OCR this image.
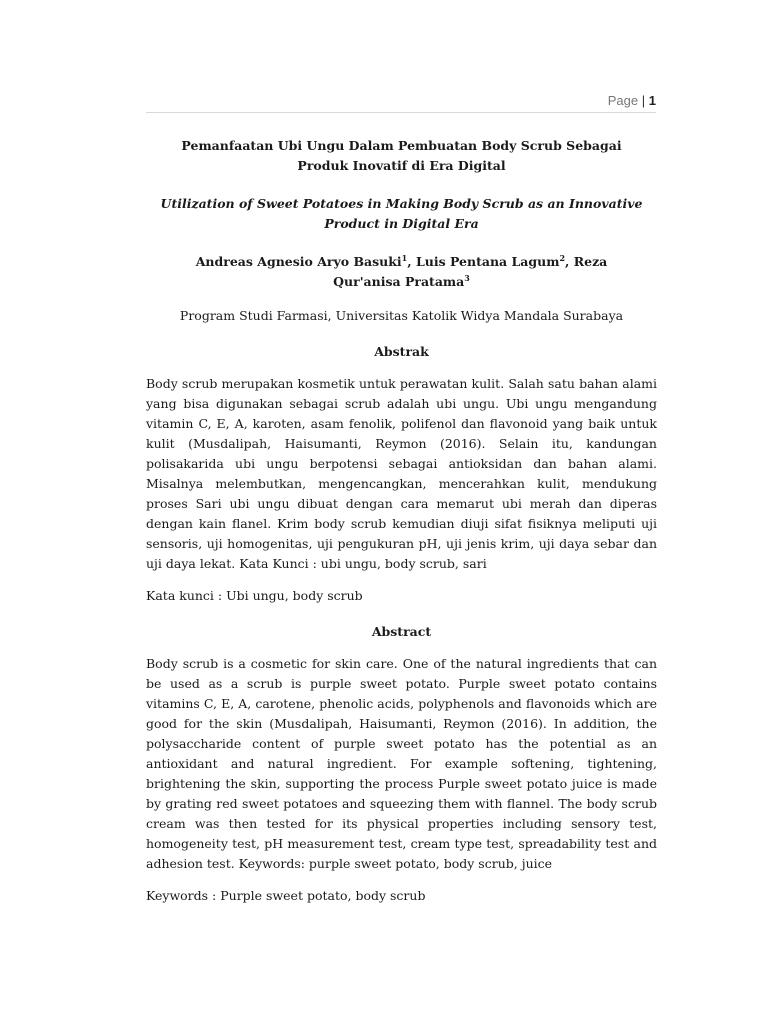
Page | 1

Pemanfaatan Ubi Ungu Dalam Pembuatan Body Scrub Sebagai Produk Inovatif di Era Digital

Utilization of Sweet Potatoes in Making Body Scrub as an Innovative Product in Digital Era

Andreas Agnesio Aryo Basuki$^1$, Luis Pentana Lagum$^2$, Reza Qur'anisa Pratama$^3$

Program Studi Farmasi, Universitas Katolik Widya Mandala Surabaya

Abstrak

Body scrub merupakan kosmetik untuk perawatan kulit. Salah satu bahan alami yang bisa digunakan sebagai scrub adalah ubi ungu. Ubi ungu mengandung vitamin C, E, A, karoten, asam fenolik, polifenol dan flavonoid yang baik untuk kulit (Musdalipah, Haisumanti, Reymon (2016). Selain itu, kandungan polisakarida ubi ungu berpotensi sebagai antioksidan dan bahan alami. Misalnya melembutkan, mengencangkan, mencerahkan kulit, mendukung proses Sari ubi ungu dibuat dengan cara memarut ubi merah dan diperas dengan kain flanel. Krim body scrub kemudian diuji sifat fisiknya meliputi uji sensoris, uji homogenitas, uji pengukuran pH, uji jenis krim, uji daya sebar dan uji daya lekat. Kata Kunci : ubi ungu, body scrub, sari

Kata kunci : Ubi ungu, body scrub

Abstract

Body scrub is a cosmetic for skin care. One of the natural ingredients that can be used as a scrub is purple sweet potato. Purple sweet potato contains vitamins C, E, A, carotene, phenolic acids, polyphenols and flavonoids which are good for the skin (Musdalipah, Haisumanti, Reymon (2016). In addition, the polysaccharide content of purple sweet potato has the potential as an antioxidant and natural ingredient. For example softening, tightening, brightening the skin, supporting the process Purple sweet potato juice is made by grating red sweet potatoes and squeezing them with flannel. The body scrub cream was then tested for its physical properties including sensory test, homogeneity test, pH measurement test, cream type test, spreadability test and adhesion test. Keywords: purple sweet potato, body scrub, juice

Keywords : Purple sweet potato, body scrub
